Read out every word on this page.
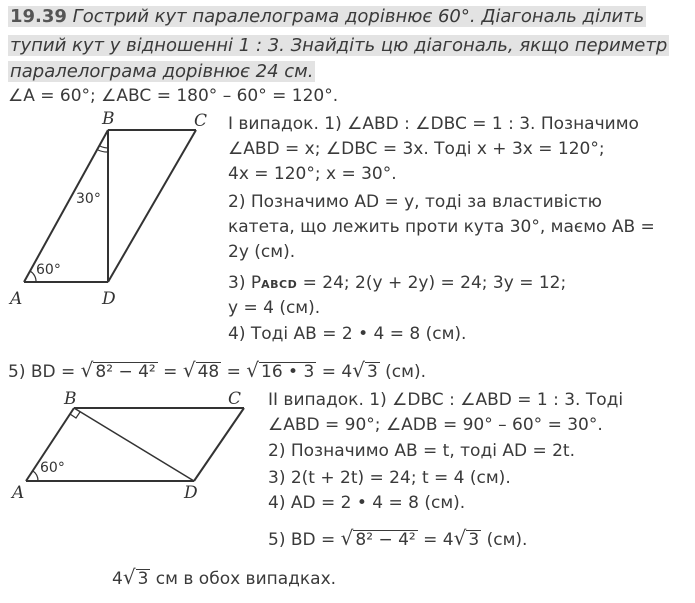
19.39 Гострий кут паралелограма дорівнює 60°. Діагональ ділить
тупий кут у відношенні 1 : 3. Знайдіть цю діагональ, якщо периметр
паралелограма дорівнює 24 см.
∠A = 60°; ∠ABC = 180° – 60° = 120°.
B	C
A	D
60°
30°
I випадок. 1) ∠ABD : ∠DBC = 1 : 3. Позначимо
∠ABD = x; ∠DBC = 3x. Тоді x + 3x = 120°;
4x = 120°; x = 30°.
2) Позначимо AD = y, тоді за властивістю
катета, що лежить проти кута 30°, маємо AB =
2y (см).
3) PABCD = 24; 2(y + 2y) = 24; 3y = 12;
y = 4 (см).
4) Тоді AB = 2 • 4 = 8 (см).
5) BD = √ 8² − 4² = √ 48 = √ 16 • 3 = 4√ 3 (см).
B	C
A	D
60°
II випадок. 1) ∠DBC : ∠ABD = 1 : 3. Тоді
∠ABD = 90°; ∠ADB = 90° – 60° = 30°.
2) Позначимо AB = t, тоді AD = 2t.
3) 2(t + 2t) = 24; t = 4 (см).
4) AD = 2 • 4 = 8 (см).
5) BD = √ 8² − 4² = 4√ 3 (см).
4√ 3 см в обох випадках.
